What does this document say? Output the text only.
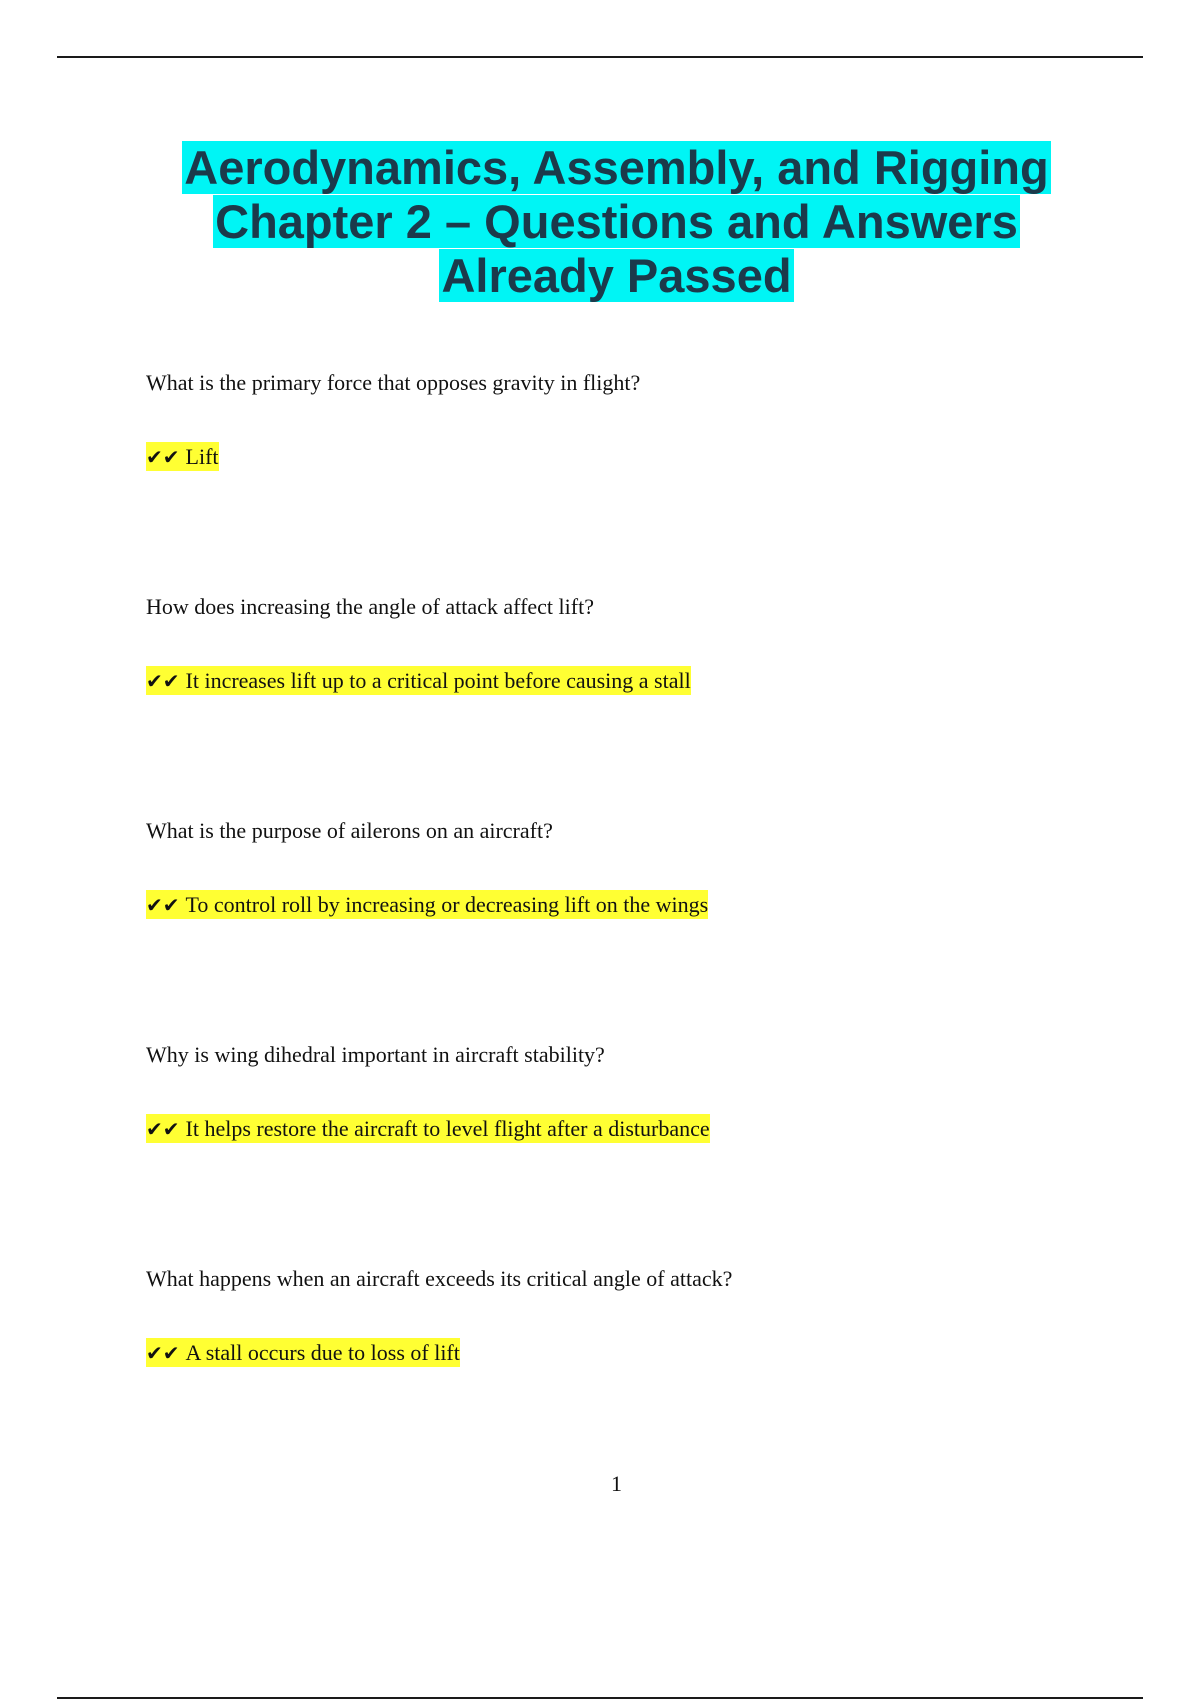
Aerodynamics, Assembly, and Rigging
Chapter 2 – Questions and Answers
Already Passed

What is the primary force that opposes gravity in flight?

✔✔ Lift

How does increasing the angle of attack affect lift?

✔✔ It increases lift up to a critical point before causing a stall

What is the purpose of ailerons on an aircraft?

✔✔ To control roll by increasing or decreasing lift on the wings

Why is wing dihedral important in aircraft stability?

✔✔ It helps restore the aircraft to level flight after a disturbance

What happens when an aircraft exceeds its critical angle of attack?

✔✔ A stall occurs due to loss of lift

1
